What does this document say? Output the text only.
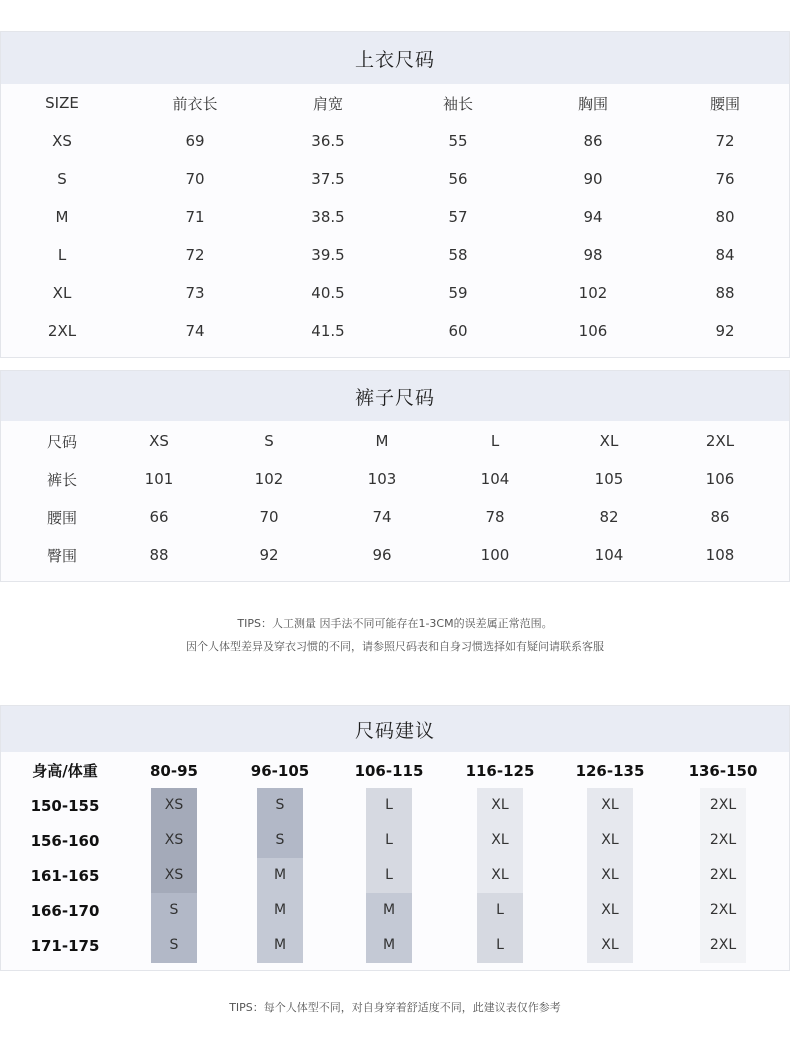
上衣尺码
SIZE	前衣长	肩宽	袖长	胸围	腰围
XS	69	36.5	55	86	72
S	70	37.5	56	90	76
M	71	38.5	57	94	80
L	72	39.5	58	98	84
XL	73	40.5	59	102	88
2XL	74	41.5	60	106	92
裤子尺码
尺码	XS	S	M	L	XL	2XL
裤长	101	102	103	104	105	106
腰围	66	70	74	78	82	86
臀围	88	92	96	100	104	108
TIPS：人工测量 因手法不同可能存在1-3CM的误差属正常范围。
因个人体型差异及穿衣习惯的不同，请参照尺码表和自身习惯选择如有疑问请联系客服
尺码建议
身高/体重	80-95	96-105	106-115	116-125	126-135	136-150
150-155	XS	S	L	XL	XL	2XL
156-160	XS	S	L	XL	XL	2XL
161-165	XS	M	L	XL	XL	2XL
166-170	S	M	M	L	XL	2XL
171-175	S	M	M	L	XL	2XL
TIPS：每个人体型不同，对自身穿着舒适度不同，此建议表仅作参考
